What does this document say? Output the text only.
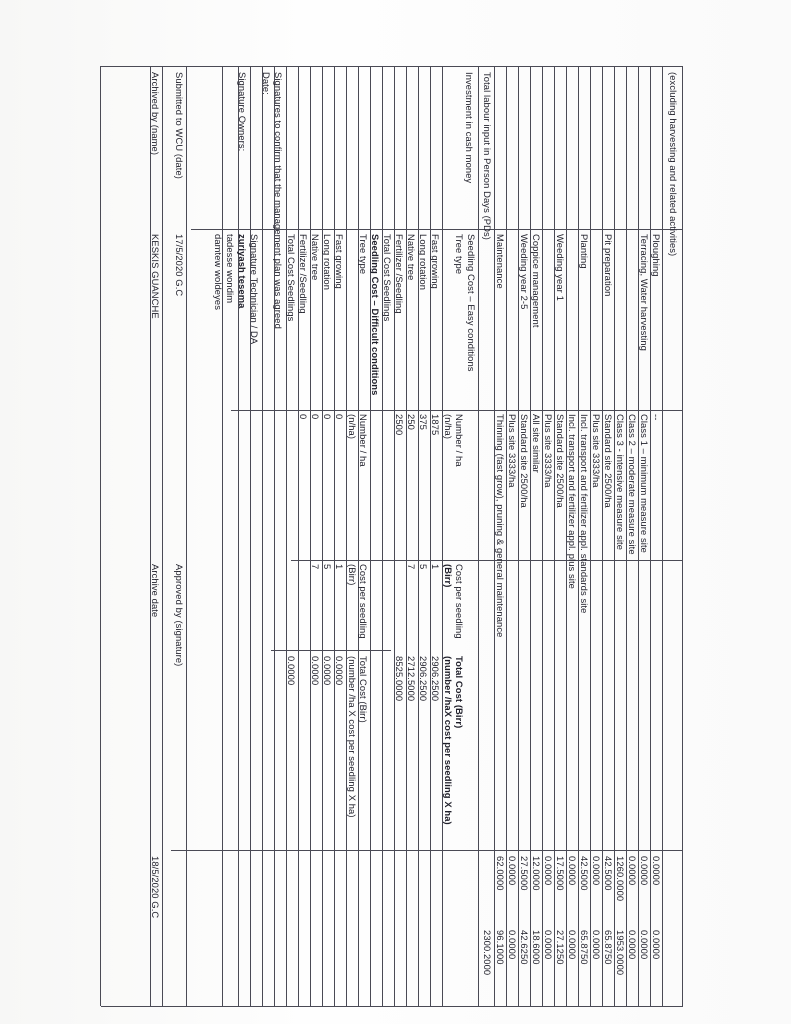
(excluding harvesting and related activities)
Ploughing
--
0.0000
0.0000
Terracing, Water harvesting
Class 1 – minimum measure site
0.0000
0.0000
Class 2 – moderate measure site
0.0000
0.0000
Class 3 - intensive measure site
1260.0000
1953.0000
Pit preparation
Standard site 2500/ha
42.5000
65.8750
Plus site 3333/ha
0.0000
0.0000
Planting
Incl. transport and fertilizer appl. standards site
42.5000
65.8750
Incl. transport and fertilizer appl. plus site
0.0000
0.0000
Weeding year 1
Standard site 2500/ha
17.5000
27.1250
Plus site 3333/ha
0.0000
0.0000
Coppice management
All site similar
12.0000
18.6000
Weeding year 2-5
Standard site 2500/ha
27.5000
42.6250
Plus site 3333/ha
0.0000
0.0000
Maintenance
Thinning (fast grow), pruning & general maintenance
62.0000
96.1000
Total labour input in Person Days (PDs)
2300.2000
Investment in cash money
Seedling Cost – Easy conditions
Tree type
Number / ha
(n/ha)
Cost per seedling
(Birr)
Total Cost (Birr)
(number /haX cost per seedling X ha)
Fast growing
1875
1
2906.2500
Long rotation
375
5
2906.2500
Native tree
250
7
2712.5000
Fertilizer /Seedling
2500
8525.0000
Total Cost Seedlings
Seedling Cost – Difficult conditions
Tree type
Number / ha
(n/ha)
Cost per seedling
(Birr)
Total Cost (Birr)
(number /ha X cost per seedling X ha)
Fast growing
0
1
0.0000
Long rotation
0
5
0.0000
Native tree
0
7
0.0000
Fertilizer /Seedling
0
Total Cost Seedlings
0.0000
Signatures to confirm that the management plan was agreed
Date:
Signature Technician / DA
Signature Owners:
zuriyash tesema
tadesse wondim
damtew woldeyes
Submitted to WCU (date)
17/5/2020 G.C
Approved by (signature)
Archived by (name)
KESKIS GUANCHE
Archive date
18/5/2020 G.C
